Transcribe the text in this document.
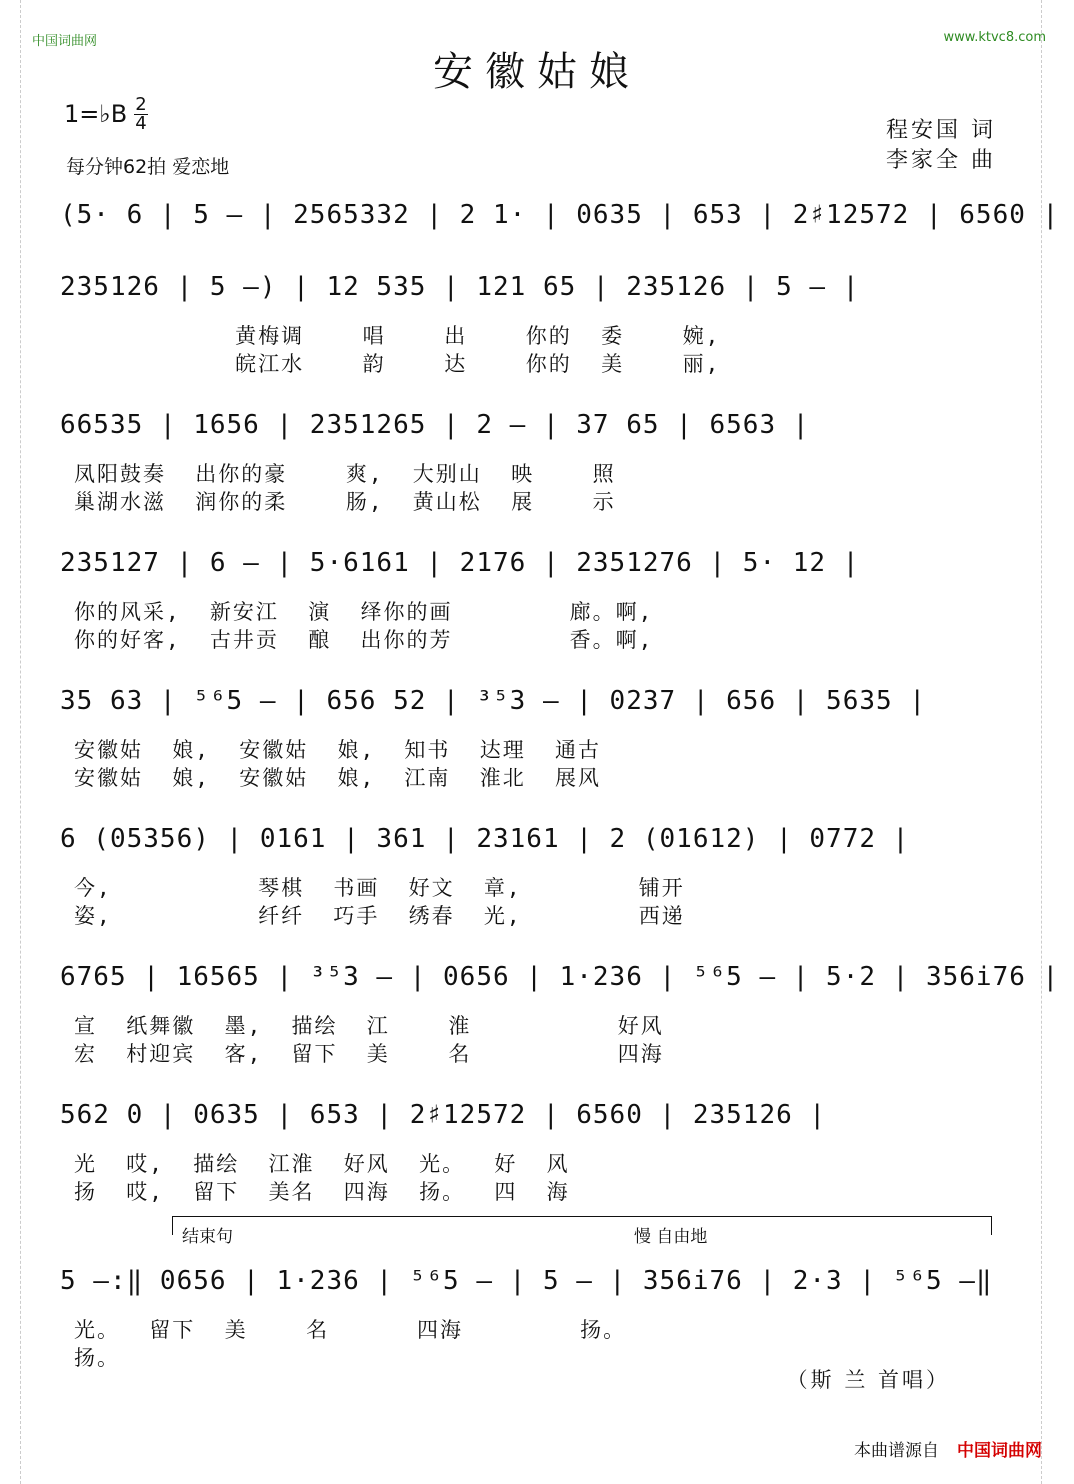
中国词曲网	www.ktvc8.com
安徽姑娘
1=♭B 2
4
每分钟62拍 爱恋地
程安国 词
李家全 曲
(5· 6 | 5 – | 2565332 | 2 1· | 0635 | 653 | 2♯12572 | 6560 |
235126 | 5 –) | 12 535 | 121 65 | 235126 | 5 – |
黄梅调    唱    出    你的  委    婉,
皖江水    韵    达    你的  美    丽,
66535 | 1656 | 2351265 | 2 – | 37 65 | 6563 |
凤阳鼓奏  出你的豪    爽,  大别山  映    照
巢湖水滋  润你的柔    肠,  黄山松  展    示
235127 | 6 – | 5·6161 | 2176 | 2351276 | 5· 12 |
你的风采,  新安江  演  绎你的画        廊。啊,
你的好客,  古井贡  酿  出你的芳        香。啊,
35 63 | ⁵⁶5 – | 656 52 | ³⁵3 – | 0237 | 656 | 5635 |
安徽姑  娘,  安徽姑  娘,  知书  达理  通古
安徽姑  娘,  安徽姑  娘,  江南  淮北  展风
6 (05356) | 0161 | 361 | 23161 | 2 (01612) | 0772 |
今,          琴棋  书画  好文  章,        铺开
姿,          纤纤  巧手  绣春  光,        西递
6765 | 16565 | ³⁵3 – | 0656 | 1·236 | ⁵⁶5 – | 5·2 | 356i76 |
宣  纸舞徽  墨,  描绘  江    淮          好风
宏  村迎宾  客,  留下  美    名          四海
562 0 | 0635 | 653 | 2♯12572 | 6560 | 235126 |
光  哎,  描绘  江淮  好风  光。  好  风
扬  哎,  留下  美名  四海  扬。  四  海
结束句	慢 自由地
5 –:‖ 0656 | 1·236 | ⁵⁶5 – | 5 – | 356i76 | 2·3 | ⁵⁶5 –‖
光。  留下  美    名      四海        扬。
扬。
（斯 兰 首唱）
本曲谱源自 中国词曲网
